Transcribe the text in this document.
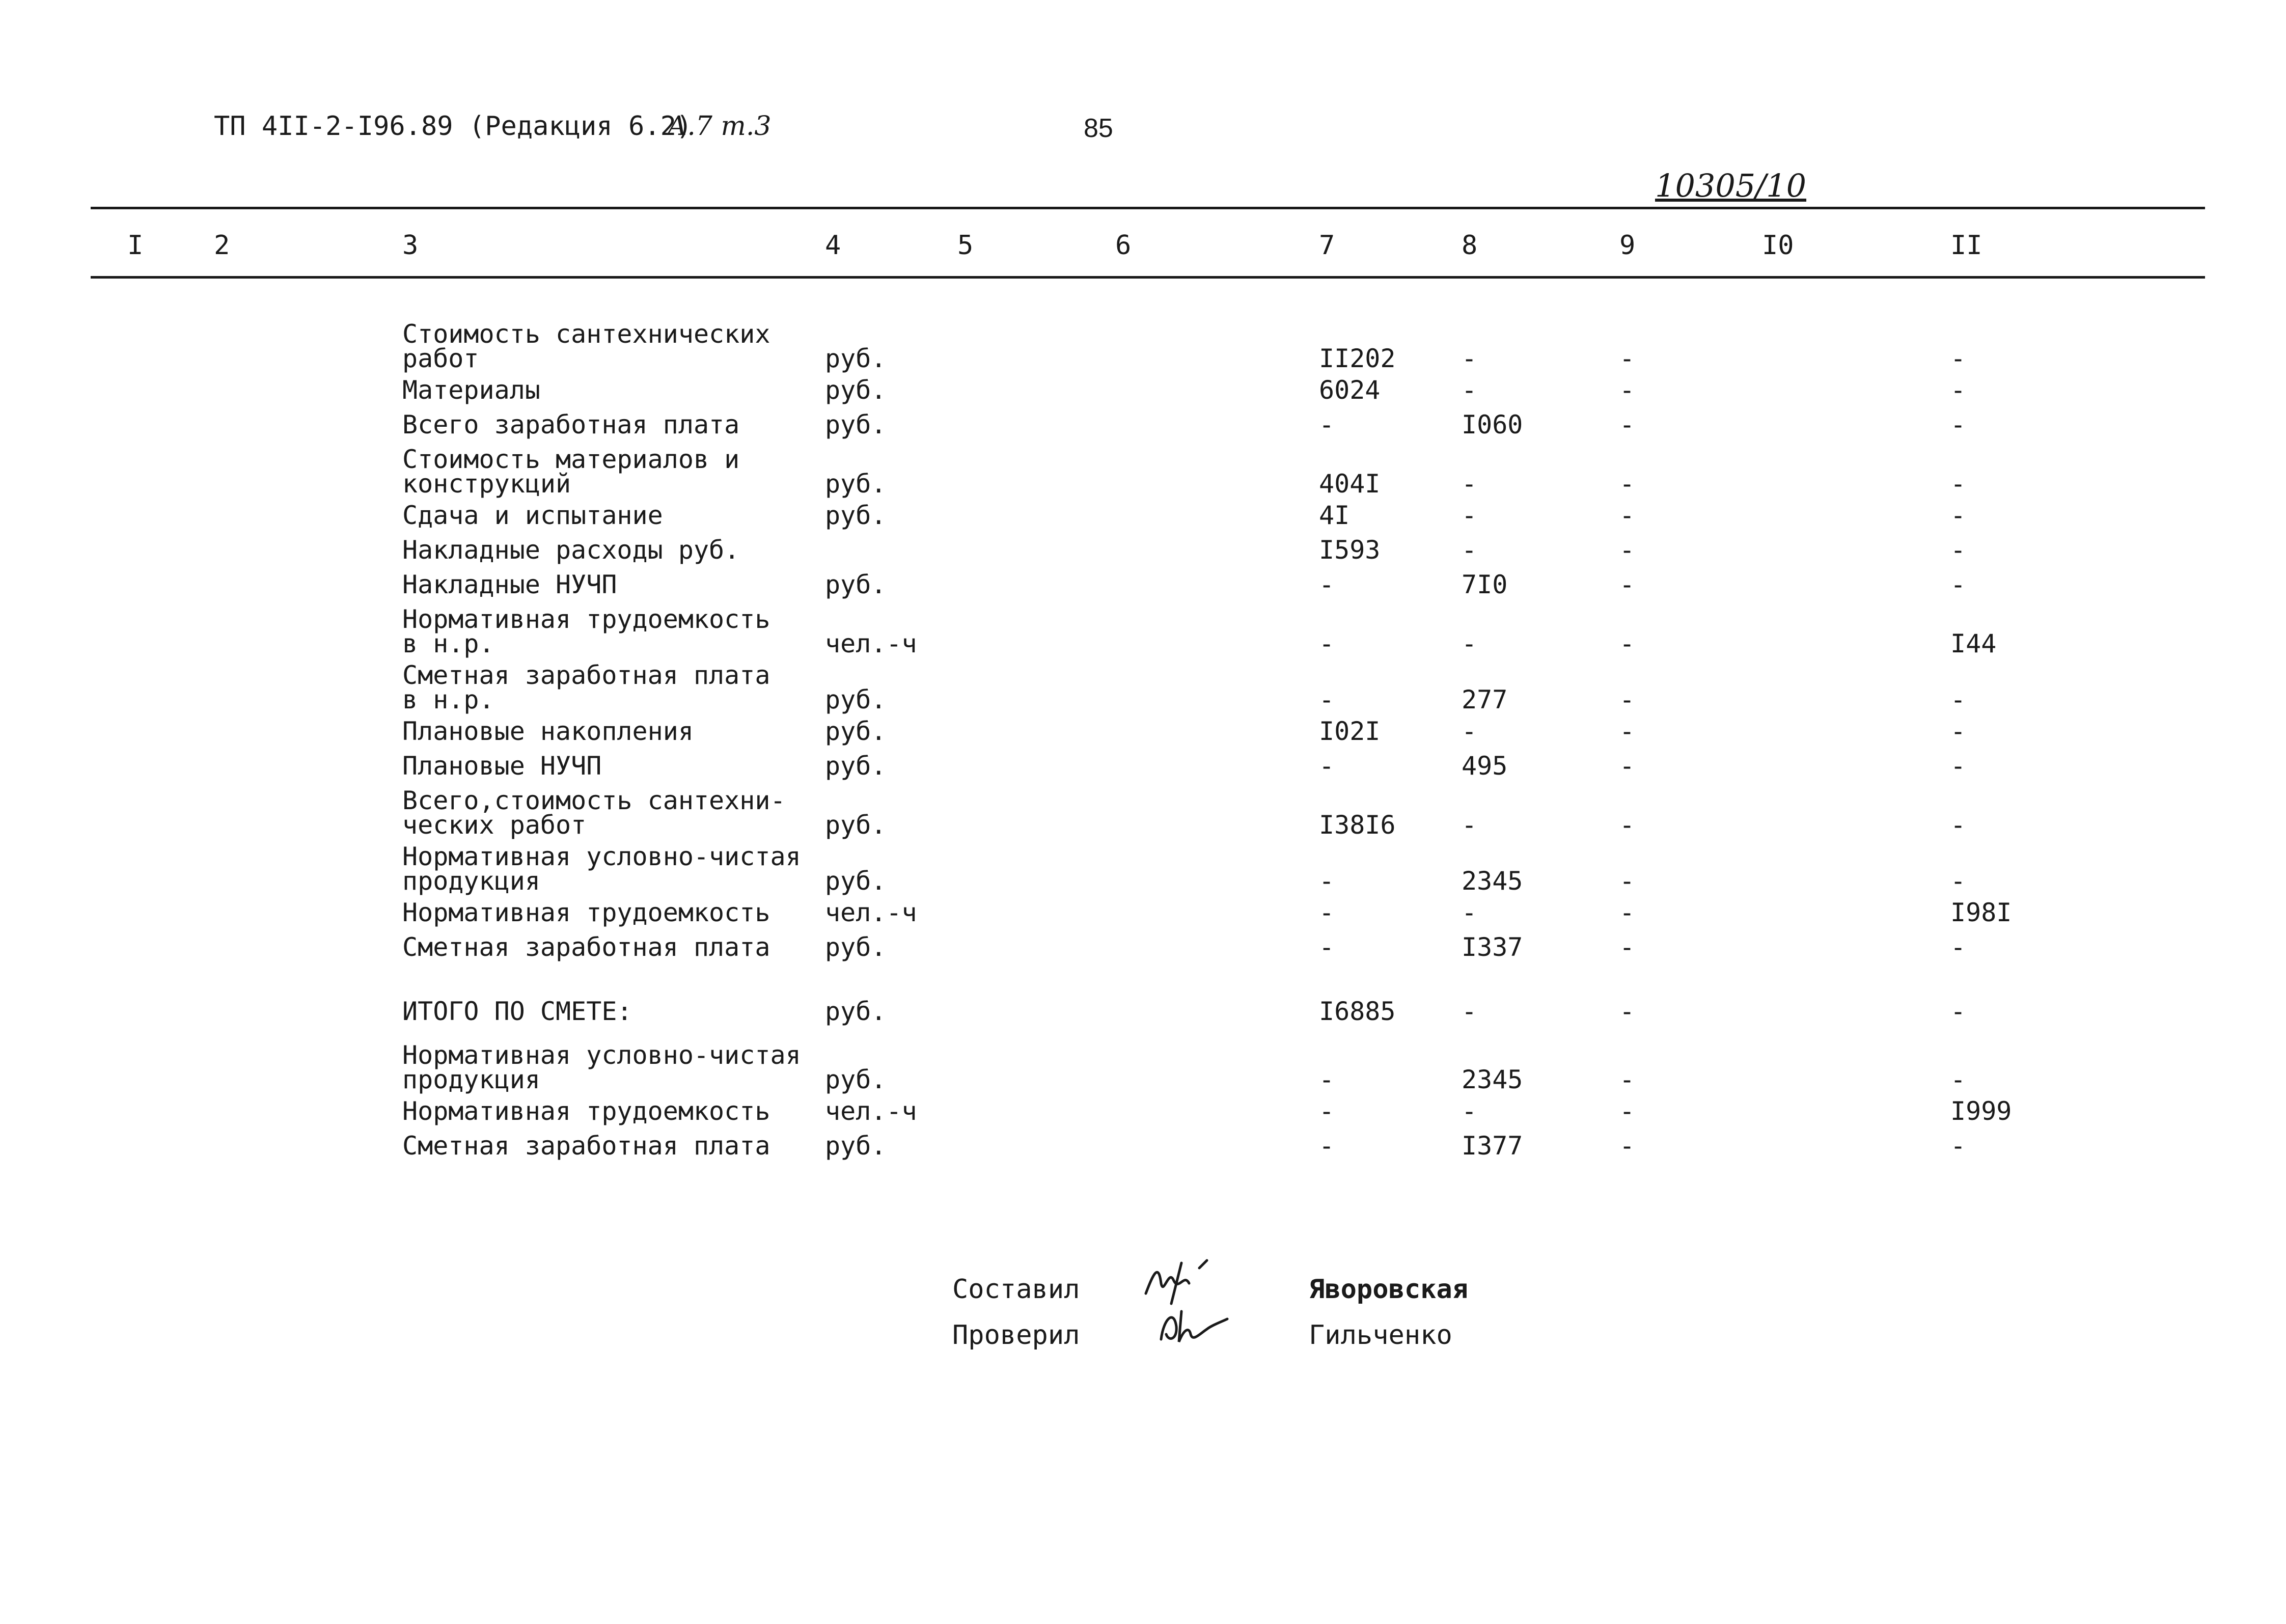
ТП 4II-2-I96.89 (Редакция 6.2)
А.7 т.3	85
10305/10
I	2	3	4	5	6	7	8	9	I0	II
Стоимость сантехнических
работ	руб.	II202	-	-	-
Материалы	руб.	6024	-	-	-
Всего заработная плата	руб.	-	I060	-	-
Стоимость материалов и
конструкций	руб.	404I	-	-	-
Сдача и испытание	руб.	4I	-	-	-
Накладные расходы руб.	I593	-	-	-
Накладные НУЧП	руб.	-	7I0	-	-
Нормативная трудоемкость
в н.р.	чел.-ч	-	-	-	I44
Сметная заработная плата
в н.р.	руб.	-	277	-	-
Плановые накопления	руб.	I02I	-	-	-
Плановые НУЧП	руб.	-	495	-	-
Всего,стоимость сантехни-
ческих работ	руб.	I38I6	-	-	-
Нормативная условно-чистая
продукция	руб.	-	2345	-	-
Нормативная трудоемкость чел.-ч	-	-	-	I98I
Сметная заработная плата руб.	-	I337	-	-
ИТОГО ПО СМЕТЕ:	руб.	I6885	-	-	-
Нормативная условно-чистая
продукция	руб.	-	2345	-	-
Нормативная трудоемкость чел.-ч	-	-	-	I999
Сметная заработная плата руб.	-	I377	-	-
Составил	Яворовская
Проверил	Гильченко
